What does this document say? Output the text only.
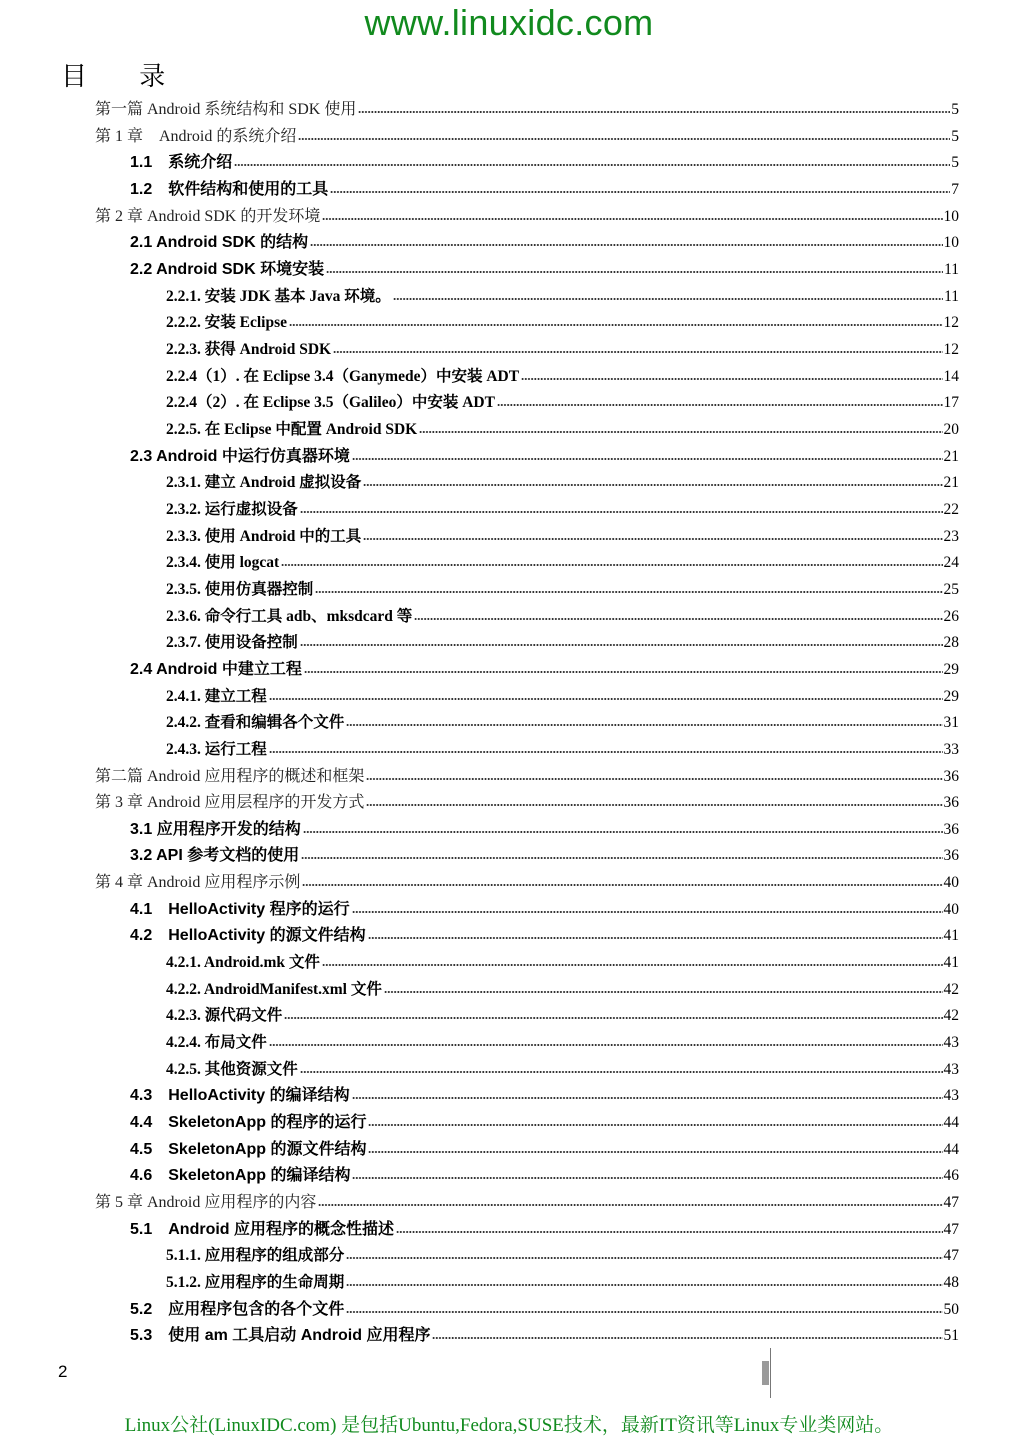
www.linuxidc.com
目 录
第一篇 Android 系统结构和 SDK 使用	5
第 1 章　Android 的系统介绍	5
1.1　系统介绍	5
1.2　软件结构和使用的工具	7
第 2 章 Android SDK 的开发环境	10
2.1 Android SDK 的结构	10
2.2 Android SDK 环境安装	11
2.2.1. 安装 JDK 基本 Java 环境。	11
2.2.2. 安装 Eclipse	12
2.2.3. 获得 Android SDK	12
2.2.4（1）. 在 Eclipse 3.4（Ganymede）中安装 ADT	14
2.2.4（2）. 在 Eclipse 3.5（Galileo）中安装 ADT	17
2.2.5. 在 Eclipse 中配置 Android SDK	20
2.3 Android 中运行仿真器环境	21
2.3.1. 建立 Android 虚拟设备	21
2.3.2. 运行虚拟设备	22
2.3.3. 使用 Android 中的工具	23
2.3.4. 使用 logcat	24
2.3.5. 使用仿真器控制	25
2.3.6. 命令行工具 adb、mksdcard 等	26
2.3.7. 使用设备控制	28
2.4 Android 中建立工程	29
2.4.1. 建立工程	29
2.4.2. 查看和编辑各个文件	31
2.4.3. 运行工程	33
第二篇 Android 应用程序的概述和框架	36
第 3 章 Android 应用层程序的开发方式	36
3.1 应用程序开发的结构	36
3.2 API 参考文档的使用	36
第 4 章 Android 应用程序示例	40
4.1　HelloActivity 程序的运行	40
4.2　HelloActivity 的源文件结构	41
4.2.1. Android.mk 文件	41
4.2.2. AndroidManifest.xml 文件	42
4.2.3. 源代码文件	42
4.2.4. 布局文件	43
4.2.5. 其他资源文件	43
4.3　HelloActivity 的编译结构	43
4.4　SkeletonApp 的程序的运行	44
4.5　SkeletonApp 的源文件结构	44
4.6　SkeletonApp 的编译结构	46
第 5 章 Android 应用程序的内容	47
5.1　Android 应用程序的概念性描述	47
5.1.1. 应用程序的组成部分	47
5.1.2. 应用程序的生命周期	48
5.2　应用程序包含的各个文件	50
5.3　使用 am 工具启动 Android 应用程序	51
2
Linux公社(LinuxIDC.com) 是包括Ubuntu,Fedora,SUSE技术，最新IT资讯等Linux专业类网站。
